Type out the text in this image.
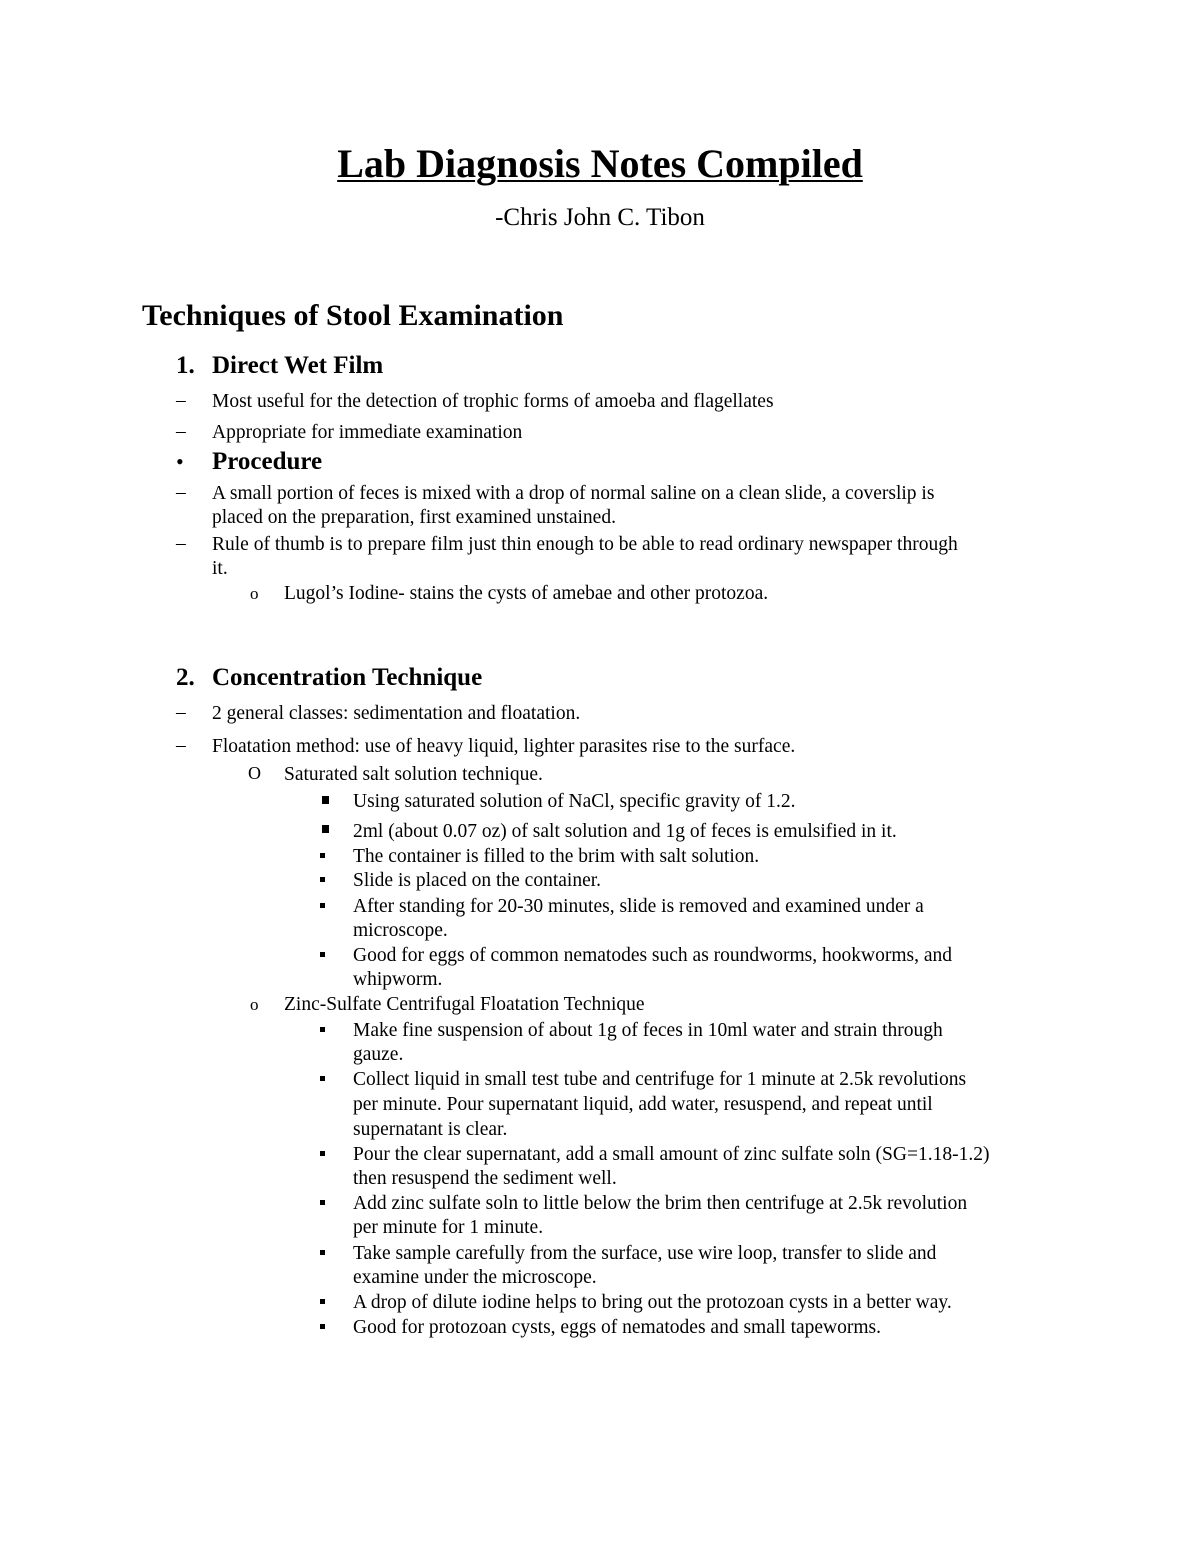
Lab Diagnosis Notes Compiled
-Chris John C. Tibon
Techniques of Stool Examination
1. Direct Wet Film
– Most useful for the detection of trophic forms of amoeba and flagellates
– Appropriate for immediate examination
• Procedure
– A small portion of feces is mixed with a drop of normal saline on a clean slide, a coverslip is
placed on the preparation, first examined unstained.
– Rule of thumb is to prepare film just thin enough to be able to read ordinary newspaper through
it.
o Lugol’s Iodine- stains the cysts of amebae and other protozoa.
2. Concentration Technique
– 2 general classes: sedimentation and floatation.
– Floatation method: use of heavy liquid, lighter parasites rise to the surface.
O Saturated salt solution technique.
Using saturated solution of NaCl, specific gravity of 1.2.
2ml (about 0.07 oz) of salt solution and 1g of feces is emulsified in it.
The container is filled to the brim with salt solution.
Slide is placed on the container.
After standing for 20-30 minutes, slide is removed and examined under a
microscope.
Good for eggs of common nematodes such as roundworms, hookworms, and
whipworm.
o Zinc-Sulfate Centrifugal Floatation Technique
Make fine suspension of about 1g of feces in 10ml water and strain through
gauze.
Collect liquid in small test tube and centrifuge for 1 minute at 2.5k revolutions
per minute. Pour supernatant liquid, add water, resuspend, and repeat until
supernatant is clear.
Pour the clear supernatant, add a small amount of zinc sulfate soln (SG=1.18-1.2)
then resuspend the sediment well.
Add zinc sulfate soln to little below the brim then centrifuge at 2.5k revolution
per minute for 1 minute.
Take sample carefully from the surface, use wire loop, transfer to slide and
examine under the microscope.
A drop of dilute iodine helps to bring out the protozoan cysts in a better way.
Good for protozoan cysts, eggs of nematodes and small tapeworms.
